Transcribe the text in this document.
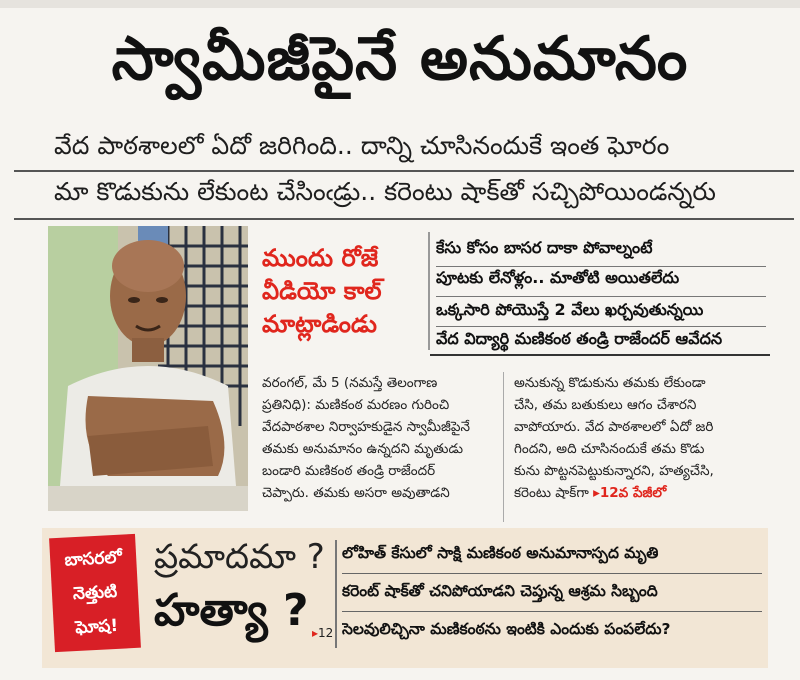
స్వామీజీపైనే అనుమానం
వేద పాఠశాలలో ఏదో జరిగింది.. దాన్ని చూసినందుకే ఇంత ఘోరం
మా కొడుకును లేకుంట చేసింఁడ్రు.. కరెంటు షాక్‌తో సచ్చిపోయిండన్నరు
ముందు రోజే
వీడియో కాల్
మాట్లాడిండు
కేసు కోసం బాసర దాకా పోవాల్నంటే
పూటకు లేనోళ్లం.. మాతోటి అయితలేదు
ఒక్కసారి పోయొస్తే 2 వేలు ఖర్చవుతున్నయి
వేద విద్యార్థి మణికంఠ తండ్రి రాజేందర్ ఆవేదన
వరంగల్, మే 5 (నమస్తే తెలంగాణ
ప్రతినిధి): మణికంఠ మరణం గురించి
వేదపాఠశాల నిర్వాహకుడైన స్వామీజీపైనే
తమకు అనుమానం ఉన్నదని మృతుడు
బండారి మణికంఠ తండ్రి రాజేందర్
చెప్పారు. తమకు అసరా అవుతాడని
అనుకున్న కొడుకును తమకు లేకుండా
చేసి, తమ బతుకులు ఆగం చేశారని
వాపోయారు. వేద పాఠశాలలో ఏదో జరి
గిందని, అది చూసినందుకే తమ కొడు
కును పొట్టనపెట్టుకున్నారని, హత్యచేసి,
కరెంటు షాక్‌గా ▸12వ పేజీలో
బాసరలో
నెత్తుటి
ఘోష!
ప్రమాదమా ?
హత్యా ? ▸12
లోహిత్ కేసులో సాక్షి మణికంఠ అనుమానాస్పద మృతి
కరెంట్ షాక్‌తో చనిపోయాడని చెప్తున్న ఆశ్రమ సిబ్బంది
సెలవులిచ్చినా మణికంఠను ఇంటికి ఎందుకు పంపలేదు?
